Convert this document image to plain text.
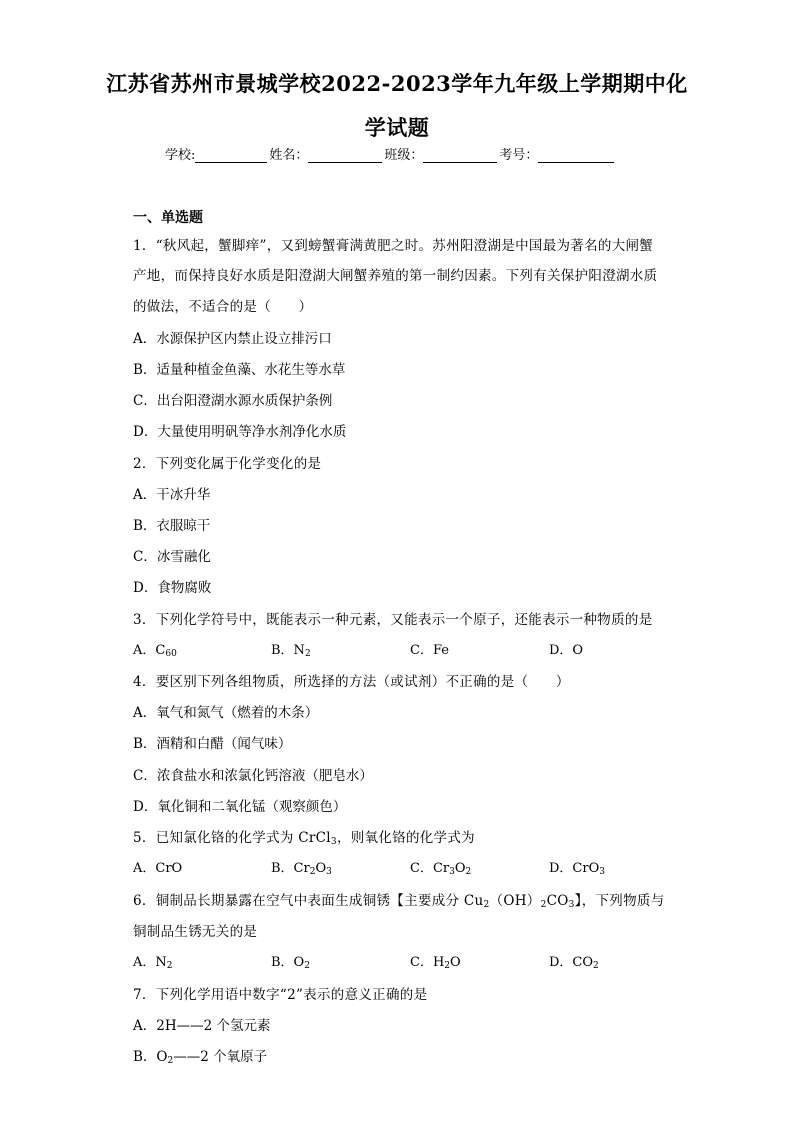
江苏省苏州市景城学校2022-2023学年九年级上学期期中化
学试题
学校:	姓名：	班级：	考号：
一、单选题
1．“秋风起，蟹脚痒”，又到螃蟹膏满黄肥之时。苏州阳澄湖是中国最为著名的大闸蟹
产地，而保持良好水质是阳澄湖大闸蟹养殖的第一制约因素。下列有关保护阳澄湖水质
的做法，不适合的是（　　）
A．水源保护区内禁止设立排污口
B．适量种植金鱼藻、水花生等水草
C．出台阳澄湖水源水质保护条例
D．大量使用明矾等净水剂净化水质
2．下列变化属于化学变化的是
A．干冰升华
B．衣服晾干
C．冰雪融化
D．食物腐败
3．下列化学符号中，既能表示一种元素，又能表示一个原子，还能表示一种物质的是
A．$C_{60}$	B．$N_2$	C．Fe	D．O
4．要区别下列各组物质，所选择的方法（或试剂）不正确的是（　　）
A．氧气和氮气（燃着的木条）
B．酒精和白醋（闻气味）
C．浓食盐水和浓氯化钙溶液（肥皂水）
D．氧化铜和二氧化锰（观察颜色）
5．已知氯化铬的化学式为 CrCl$_3$，则氧化铬的化学式为
A．CrO	B．$Cr_2O_3$	C．$Cr_3O_2$	D．CrO$_3$
6．铜制品长期暴露在空气中表面生成铜锈【主要成分 $Cu_2(OH)_2CO_3$】，下列物质与
铜制品生锈无关的是
A．$N_2$	B．$O_2$	C．$H_2O$	D．$CO_2$
7．下列化学用语中数字“2”表示的意义正确的是
A．2H——2 个氢元素
B．$O_2——2$ 个氧原子
